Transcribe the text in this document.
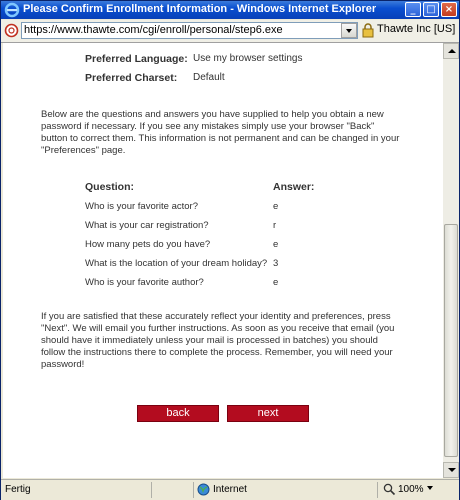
Please Confirm Enrollment Information - Windows Internet Explorer	_	□ ×
https://www.thawte.com/cgi/enroll/personal/step6.exe	Thawte Inc [US]
Preferred Language: Use my browser settings
Preferred Charset: Default
Below are the questions and answers you have supplied to help you obtain a new password if necessary. If you see any mistakes simply use your browser "Back" button to correct them. This information is not permanent and can be changed in your "Preferences" page.
Question:	Answer:
Who is your favorite actor?	e
What is your car registration?	r
How many pets do you have?	e
What is the location of your dream holiday? 3
Who is your favorite author?	e
If you are satisfied that these accurately reflect your identity and preferences, press "Next". We will email you further instructions. As soon as you receive that email (you should have it immediately unless your mail is processed in batches) you should follow the instructions there to complete the process. Remember, you will need your password!
back	next
Fertig	Internet	100%
